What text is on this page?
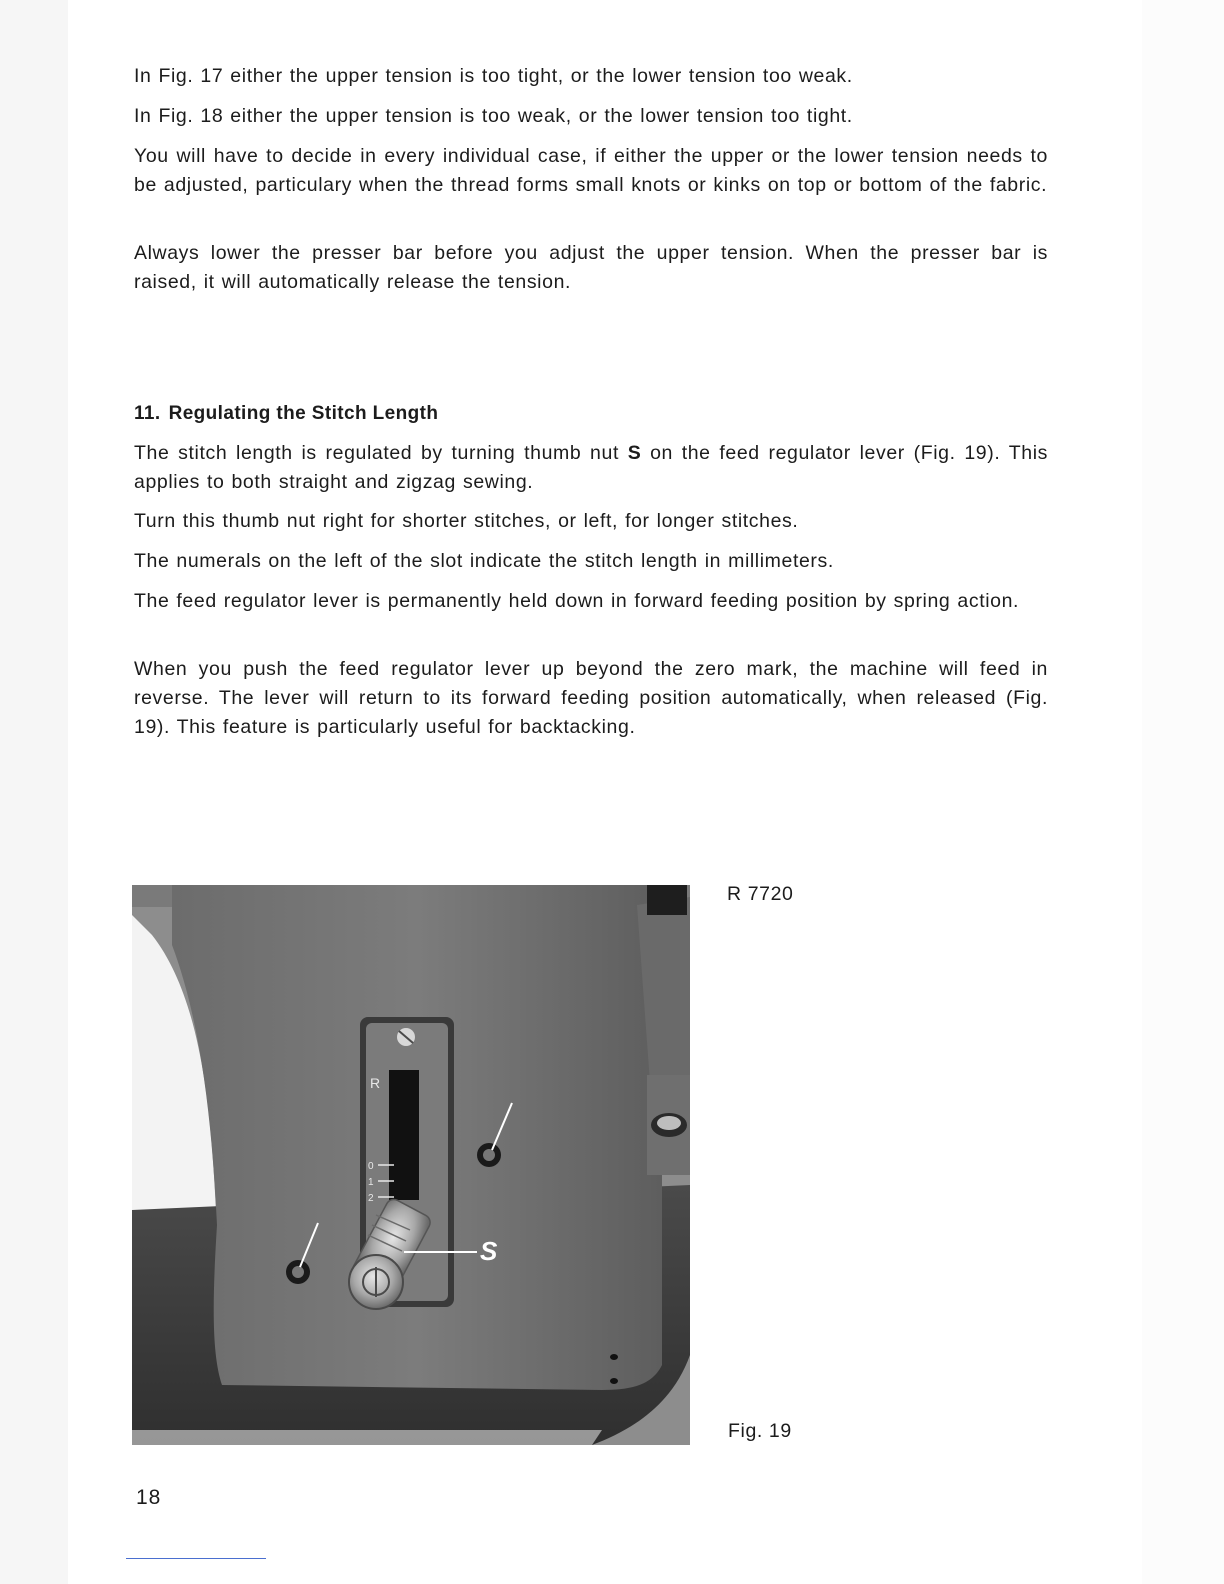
In Fig. 17 either the upper tension is too tight, or the lower tension too weak.

In Fig. 18 either the upper tension is too weak, or the lower tension too tight.

You will have to decide in every individual case, if either the upper or the lower tension needs to be adjusted, particulary when the thread forms small knots or kinks on top or bottom of the fabric.

Always lower the presser bar before you adjust the upper tension. When the presser bar is raised, it will automatically release the tension.

11. Regulating the Stitch Length

The stitch length is regulated by turning thumb nut S on the feed regulator lever (Fig. 19). This applies to both straight and zigzag sewing.

Turn this thumb nut right for shorter stitches, or left, for longer stitches.

The numerals on the left of the slot indicate the stitch length in millimeters.

The feed regulator lever is permanently held down in forward feeding position by spring action.

When you push the feed regulator lever up beyond the zero mark, the machine will feed in reverse. The lever will return to its forward feeding position automatically, when released (Fig. 19). This feature is particularly useful for backtacking.

R
0
1
2
S
R 7720
Fig. 19
18
